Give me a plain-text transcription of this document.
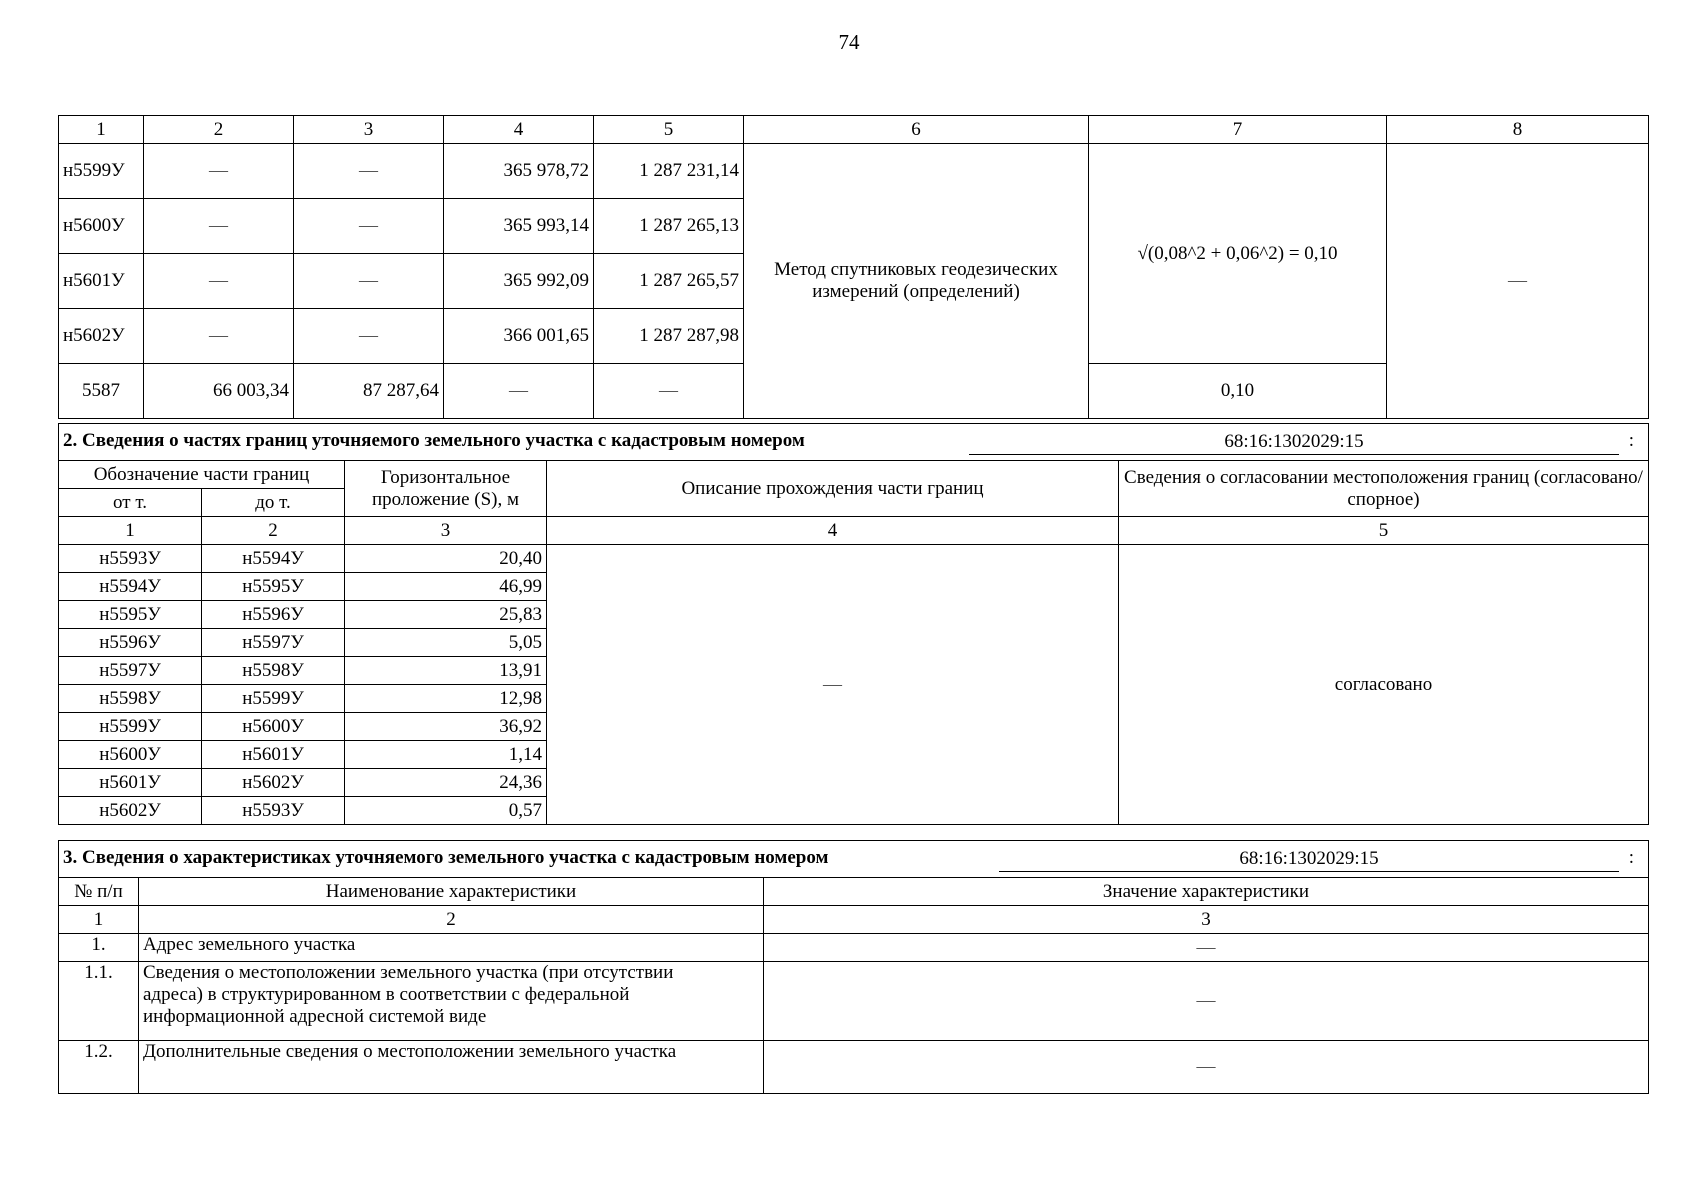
74
1	2	3	4	5	6	7	8
н5599У	—	—	365 978,72	1 287 231,14	Метод спутниковых геодезических измерений (определений)	√(0,08^2 + 0,06^2) = 0,10	—
н5600У	—	—	365 993,14	1 287 265,13			
н5601У	—	—	365 992,09	1 287 265,57			
н5602У	—	—	366 001,65	1 287 287,98			
5587	66 003,34	87 287,64	—	—		0,10	
2. Сведения о частях границ уточняемого земельного участка с кадастровым номером 68:16:1302029:15 :				

Обозначение части границ		Горизонтальное проложение (S), м	Описание прохождения части границ	Сведения о согласовании местоположения границ (согласовано/спорное)
от т.	до т.			
1	2	3	4	5
н5593У	н5594У	20,40	—	согласовано
н5594У	н5595У	46,99		
н5595У	н5596У	25,83		
н5596У	н5597У	5,05		
н5597У	н5598У	13,91		
н5598У	н5599У	12,98		
н5599У	н5600У	36,92		
н5600У	н5601У	1,14		
н5601У	н5602У	24,36		
н5602У	н5593У	0,57		
3. Сведения о характеристиках уточняемого земельного участка с кадастровым номером 68:16:1302029:15 :		

№ п/п	Наименование характеристики	Значение характеристики
1	2	3
1.	Адрес земельного участка	—
1.1.	Сведения о местоположении земельного участка (при отсутствии адреса) в структурированном в соответствии с федеральной информационной адресной системой виде	—
1.2.	Дополнительные сведения о местоположении земельного участка	—
